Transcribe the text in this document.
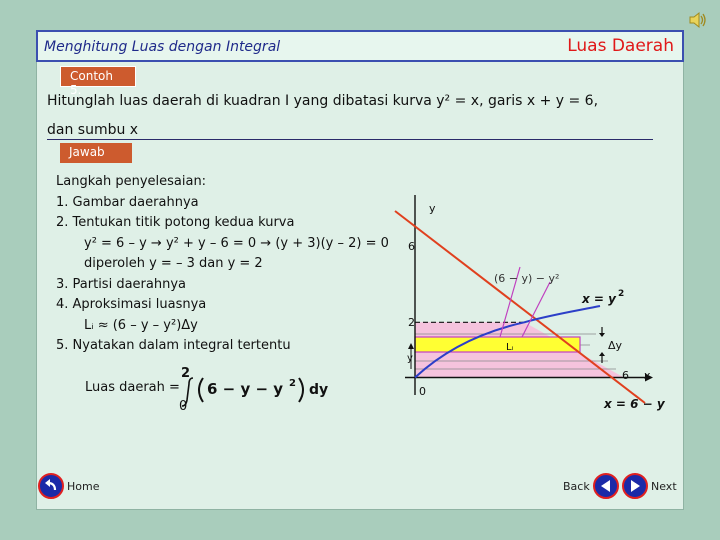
Menghitung Luas dengan Integral	Luas Daerah
Contoh 5.
Hitunglah luas daerah di kuadran I yang dibatasi kurva y² = x, garis x + y = 6,
dan sumbu x
Jawab
Langkah penyelesaian:
1. Gambar daerahnya
2. Tentukan titik potong kedua kurva
y² = 6 – y → y² + y – 6 = 0 → (y + 3)(y – 2) = 0
diperoleh y = – 3 dan y = 2
3. Partisi daerahnya
4. Aproksimasi luasnya
Lᵢ ≈ (6 – y – y²)Δy
5. Nyatakan dalam integral tertentu
Luas daerah =
2
0
6 − y − y 2 dy
y
x
6
2
6
0
y
Lᵢ	Δy
(6 − y) − y²
x = y 2
x = 6 − y
Home	Back	Next
